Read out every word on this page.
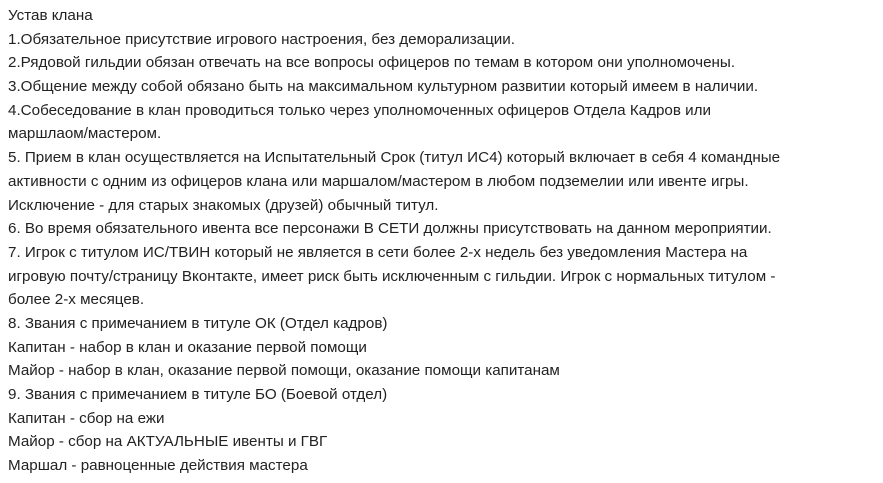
Устав клана
1.Обязательное присутствие игрового настроения, без деморализации.
2.Рядовой гильдии обязан отвечать на все вопросы офицеров по темам в котором они уполномочены.
3.Общение между собой обязано быть на максимальном культурном развитии который имеем в наличии.
4.Собеседование в клан проводиться только через уполномоченных офицеров Отдела Кадров или
маршлаом/мастером.
5. Прием в клан осуществляется на Испытательный Срок (титул ИС4) который включает в себя 4 командные
активности с одним из офицеров клана или маршалом/мастером в любом подземелии или ивенте игры.
Исключение - для старых знакомых (друзей) обычный титул.
6. Во время обязательного ивента все персонажи В СЕТИ должны присутствовать на данном мероприятии.
7. Игрок с титулом ИС/ТВИН который не является в сети более 2-х недель без уведомления Мастера на
игровую почту/страницу Вконтакте, имеет риск быть исключенным с гильдии. Игрок с нормальных титулом -
более 2-х месяцев.
8. Звания с примечанием в титуле ОК (Отдел кадров)
Капитан - набор в клан и оказание первой помощи
Майор - набор в клан, оказание первой помощи, оказание помощи капитанам
9. Звания с примечанием в титуле БО (Боевой отдел)
Капитан - сбор на ежи
Майор - сбор на АКТУАЛЬНЫЕ ивенты и ГВГ
Маршал - равноценные действия мастера
